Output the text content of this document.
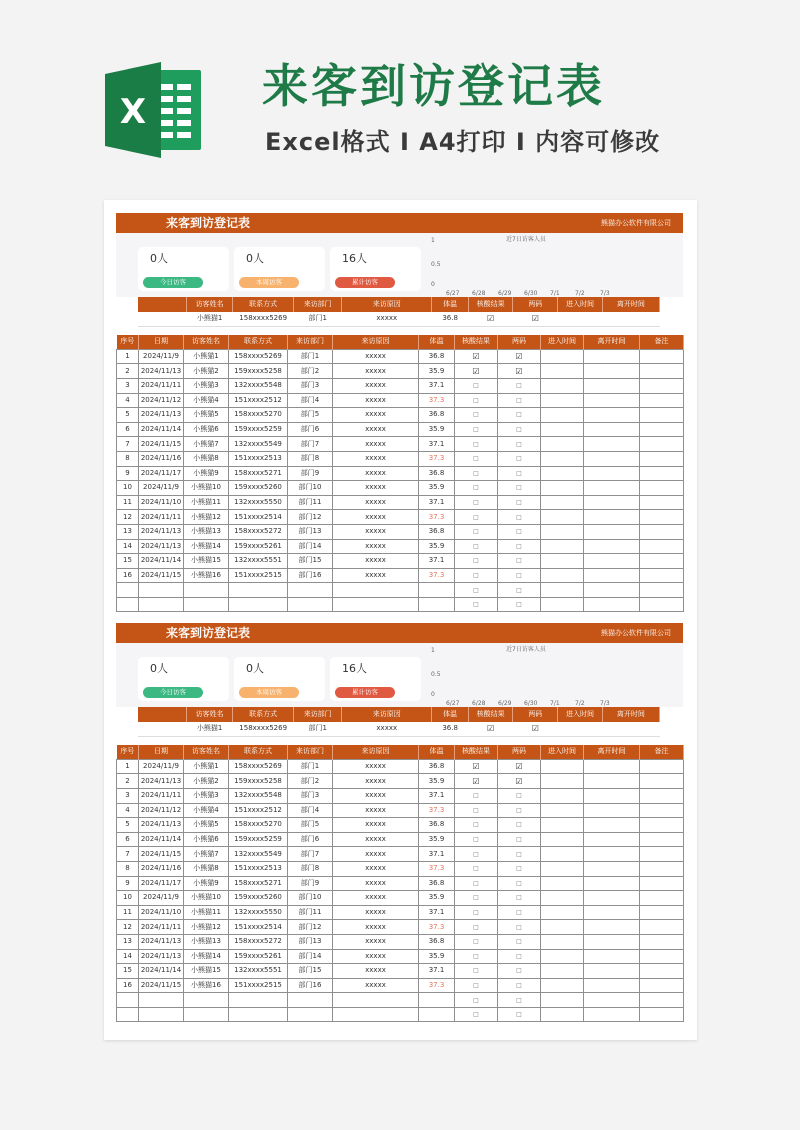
X	来客到访登记表
Excel格式 I A4打印 I 内容可修改
来客到访登记表	熊猫办公软件有限公司
0人
今日访客
0人
本周访客
16人
累计访客
近7日访客人员
1
0.5
0
6/27 6/28 6/29 6/30 7/1	7/2	7/3
	访客姓名	联系方式	来访部门	来访原因	体温	核酸结果	两码	进入时间	离开时间
	小熊猫1	158xxxx5269	部门1	xxxxx	36.8	☑	☑		
序号	日期	访客姓名	联系方式	来访部门	来访原因	体温	核酸结果	两码	进入时间	离开时间	备注
1	2024/11/9	小熊猫1	158xxxx5269	部门1	xxxxx	36.8	☑	☑			
2	2024/11/13	小熊猫2	159xxxx5258	部门2	xxxxx	35.9	☑	☑			
3	2024/11/11	小熊猫3	132xxxx5548	部门3	xxxxx	37.1	□	□			
4	2024/11/12	小熊猫4	151xxxx2512	部门4	xxxxx	37.3	□	□			
5	2024/11/13	小熊猫5	158xxxx5270	部门5	xxxxx	36.8	□	□			
6	2024/11/14	小熊猫6	159xxxx5259	部门6	xxxxx	35.9	□	□			
7	2024/11/15	小熊猫7	132xxxx5549	部门7	xxxxx	37.1	□	□			
8	2024/11/16	小熊猫8	151xxxx2513	部门8	xxxxx	37.3	□	□			
9	2024/11/17	小熊猫9	158xxxx5271	部门9	xxxxx	36.8	□	□			
10	2024/11/9	小熊猫10	159xxxx5260	部门10	xxxxx	35.9	□	□			
11	2024/11/10	小熊猫11	132xxxx5550	部门11	xxxxx	37.1	□	□			
12	2024/11/11	小熊猫12	151xxxx2514	部门12	xxxxx	37.3	□	□			
13	2024/11/13	小熊猫13	158xxxx5272	部门13	xxxxx	36.8	□	□			
14	2024/11/13	小熊猫14	159xxxx5261	部门14	xxxxx	35.9	□	□			
15	2024/11/14	小熊猫15	132xxxx5551	部门15	xxxxx	37.1	□	□			
16	2024/11/15	小熊猫16	151xxxx2515	部门16	xxxxx	37.3	□	□			
							□	□			
							□	□			
来客到访登记表	熊猫办公软件有限公司
0人
今日访客
0人
本周访客
16人
累计访客
近7日访客人员
1
0.5
0
6/27 6/28 6/29 6/30 7/1	7/2	7/3
	访客姓名	联系方式	来访部门	来访原因	体温	核酸结果	两码	进入时间	离开时间
	小熊猫1	158xxxx5269	部门1	xxxxx	36.8	☑	☑		
序号	日期	访客姓名	联系方式	来访部门	来访原因	体温	核酸结果	两码	进入时间	离开时间	备注
1	2024/11/9	小熊猫1	158xxxx5269	部门1	xxxxx	36.8	☑	☑			
2	2024/11/13	小熊猫2	159xxxx5258	部门2	xxxxx	35.9	☑	☑			
3	2024/11/11	小熊猫3	132xxxx5548	部门3	xxxxx	37.1	□	□			
4	2024/11/12	小熊猫4	151xxxx2512	部门4	xxxxx	37.3	□	□			
5	2024/11/13	小熊猫5	158xxxx5270	部门5	xxxxx	36.8	□	□			
6	2024/11/14	小熊猫6	159xxxx5259	部门6	xxxxx	35.9	□	□			
7	2024/11/15	小熊猫7	132xxxx5549	部门7	xxxxx	37.1	□	□			
8	2024/11/16	小熊猫8	151xxxx2513	部门8	xxxxx	37.3	□	□			
9	2024/11/17	小熊猫9	158xxxx5271	部门9	xxxxx	36.8	□	□			
10	2024/11/9	小熊猫10	159xxxx5260	部门10	xxxxx	35.9	□	□			
11	2024/11/10	小熊猫11	132xxxx5550	部门11	xxxxx	37.1	□	□			
12	2024/11/11	小熊猫12	151xxxx2514	部门12	xxxxx	37.3	□	□			
13	2024/11/13	小熊猫13	158xxxx5272	部门13	xxxxx	36.8	□	□			
14	2024/11/13	小熊猫14	159xxxx5261	部门14	xxxxx	35.9	□	□			
15	2024/11/14	小熊猫15	132xxxx5551	部门15	xxxxx	37.1	□	□			
16	2024/11/15	小熊猫16	151xxxx2515	部门16	xxxxx	37.3	□	□			
							□	□			
							□	□			
